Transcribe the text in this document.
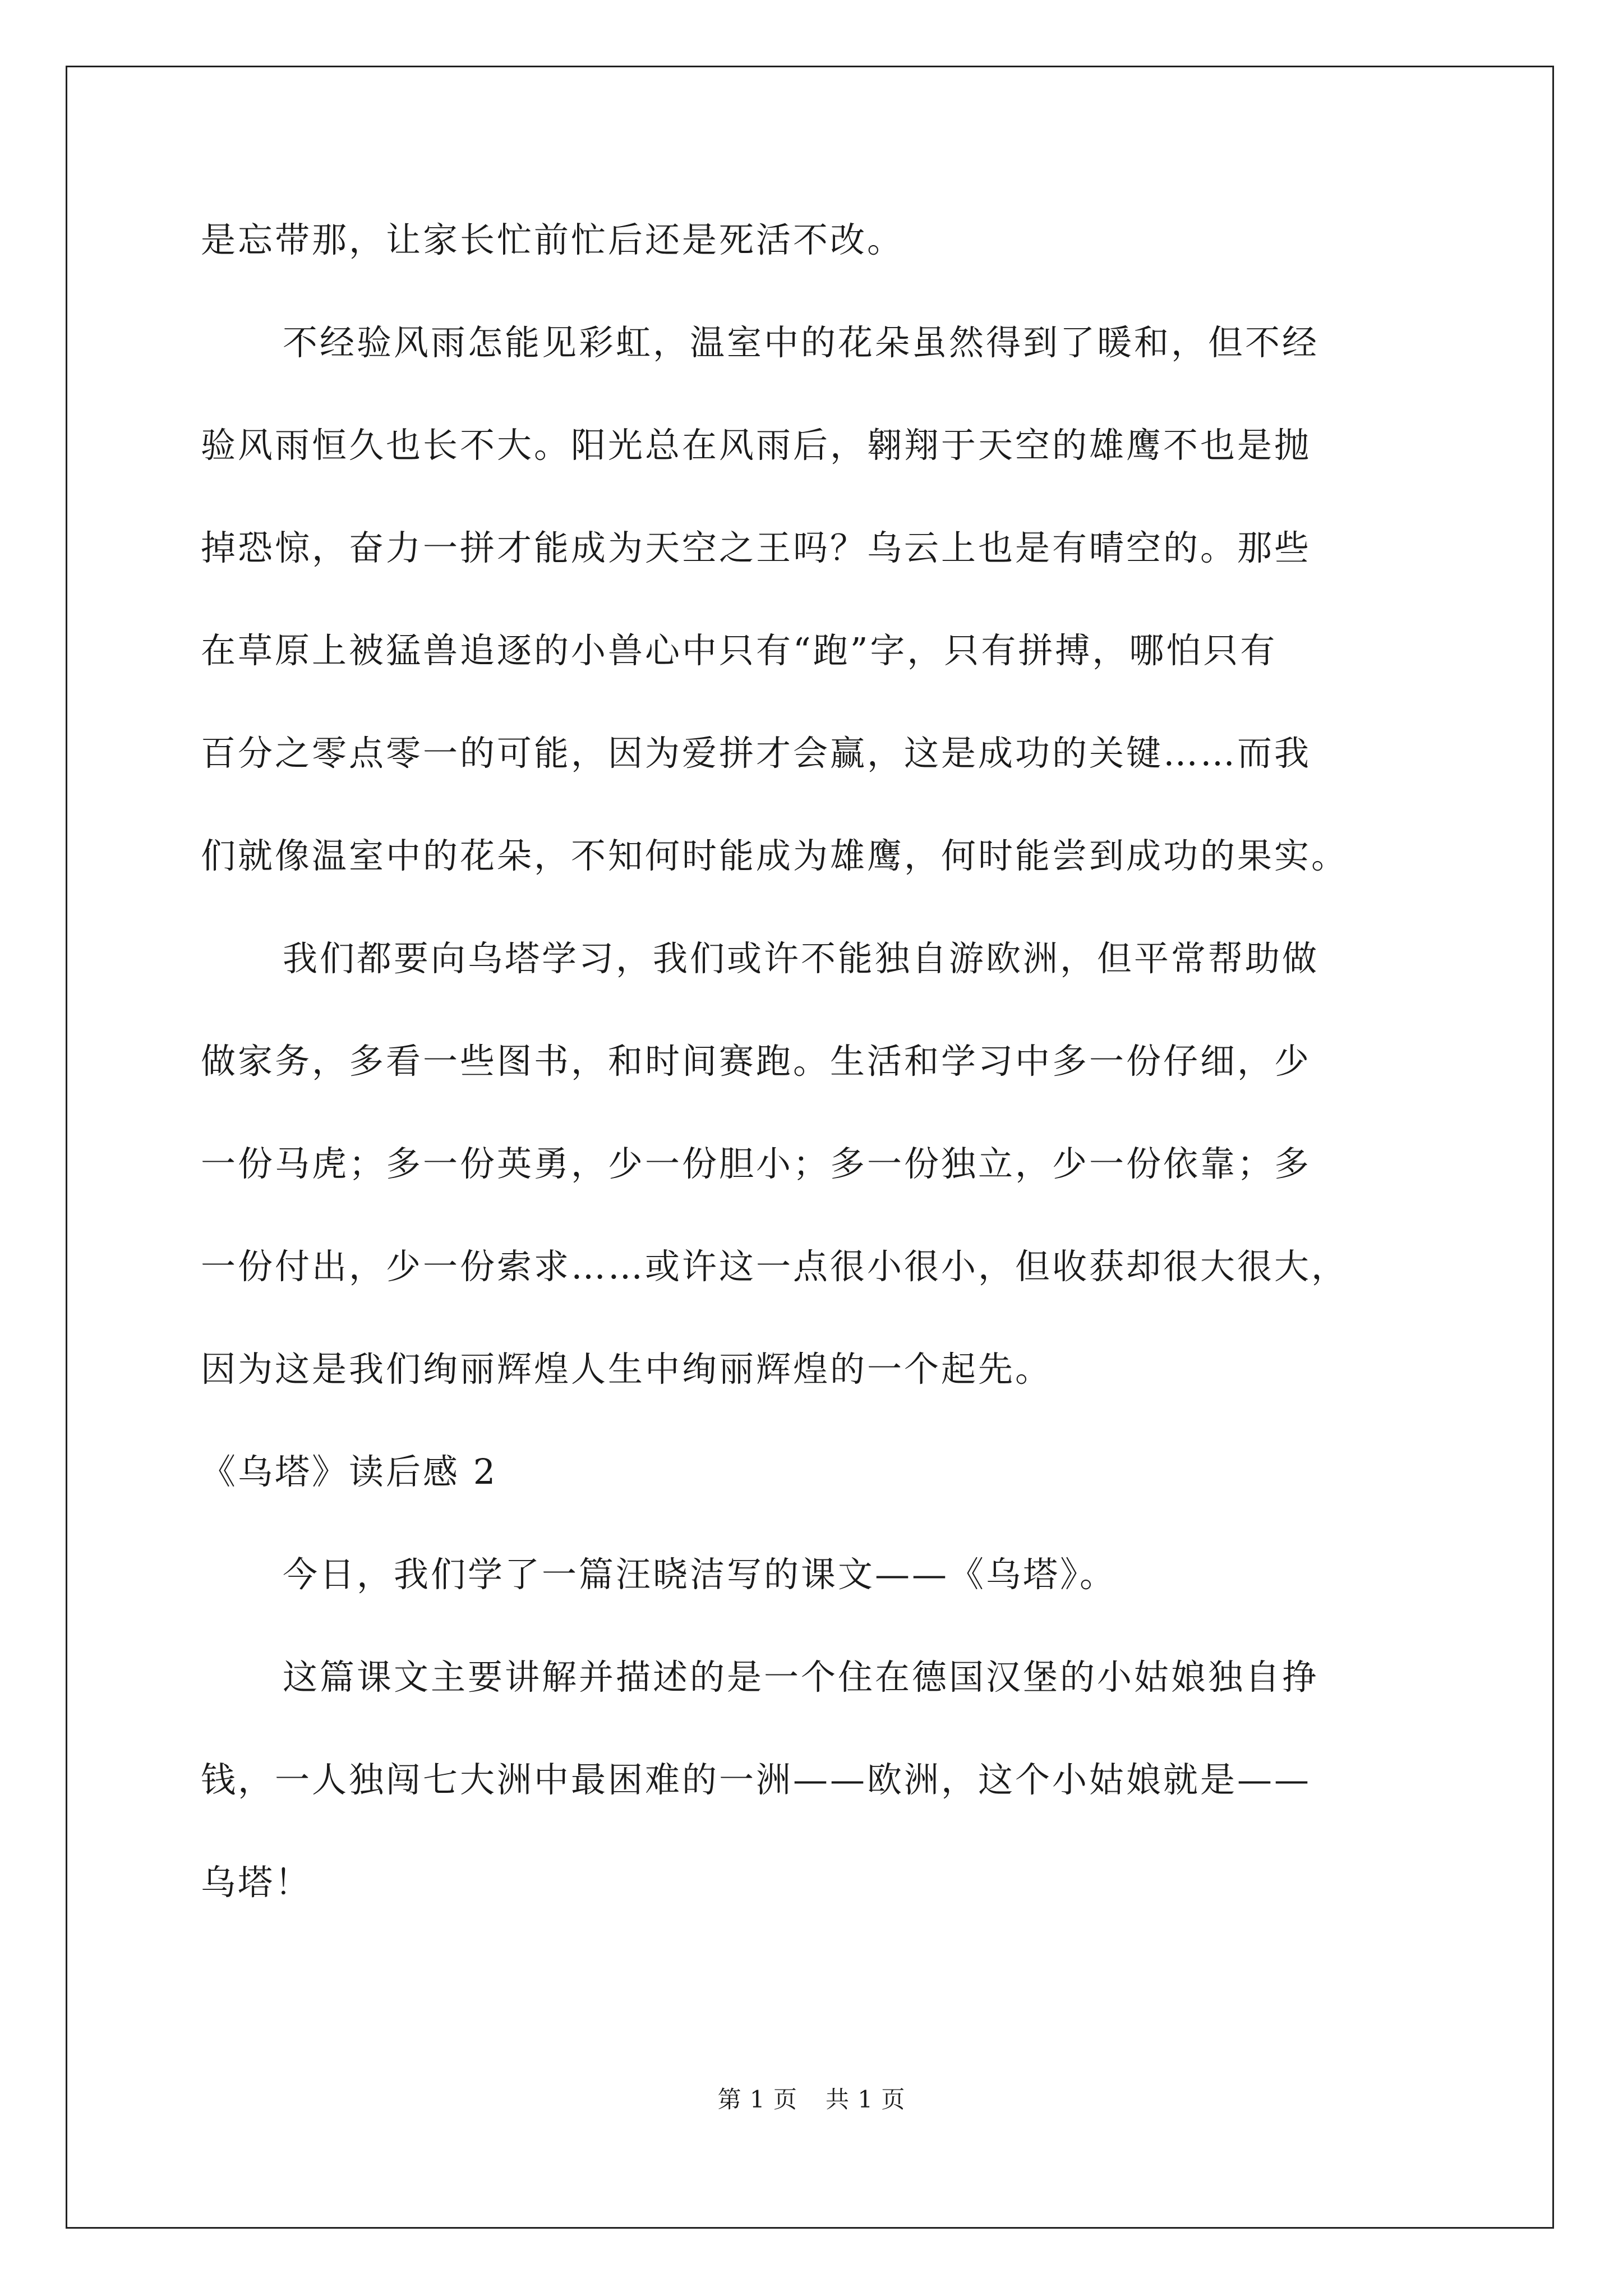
是忘带那，让家长忙前忙后还是死活不改。
不经验风雨怎能见彩虹，温室中的花朵虽然得到了暖和，但不经
验风雨恒久也长不大。阳光总在风雨后，翱翔于天空的雄鹰不也是抛
掉恐惊，奋力一拼才能成为天空之王吗？乌云上也是有晴空的。那些
在草原上被猛兽追逐的小兽心中只有“跑”字，只有拼搏，哪怕只有
百分之零点零一的可能，因为爱拼才会赢，这是成功的关键……而我
们就像温室中的花朵，不知何时能成为雄鹰，何时能尝到成功的果实。
我们都要向乌塔学习，我们或许不能独自游欧洲，但平常帮助做
做家务，多看一些图书，和时间赛跑。生活和学习中多一份仔细，少
一份马虎；多一份英勇，少一份胆小；多一份独立，少一份依靠；多
一份付出，少一份索求……或许这一点很小很小，但收获却很大很大，
因为这是我们绚丽辉煌人生中绚丽辉煌的一个起先。
《乌塔》读后感 2
今日，我们学了一篇汪晓洁写的课文——《乌塔》。
这篇课文主要讲解并描述的是一个住在德国汉堡的小姑娘独自挣
钱，一人独闯七大洲中最困难的一洲——欧洲，这个小姑娘就是——
乌塔！
第 1 页 共 1 页
